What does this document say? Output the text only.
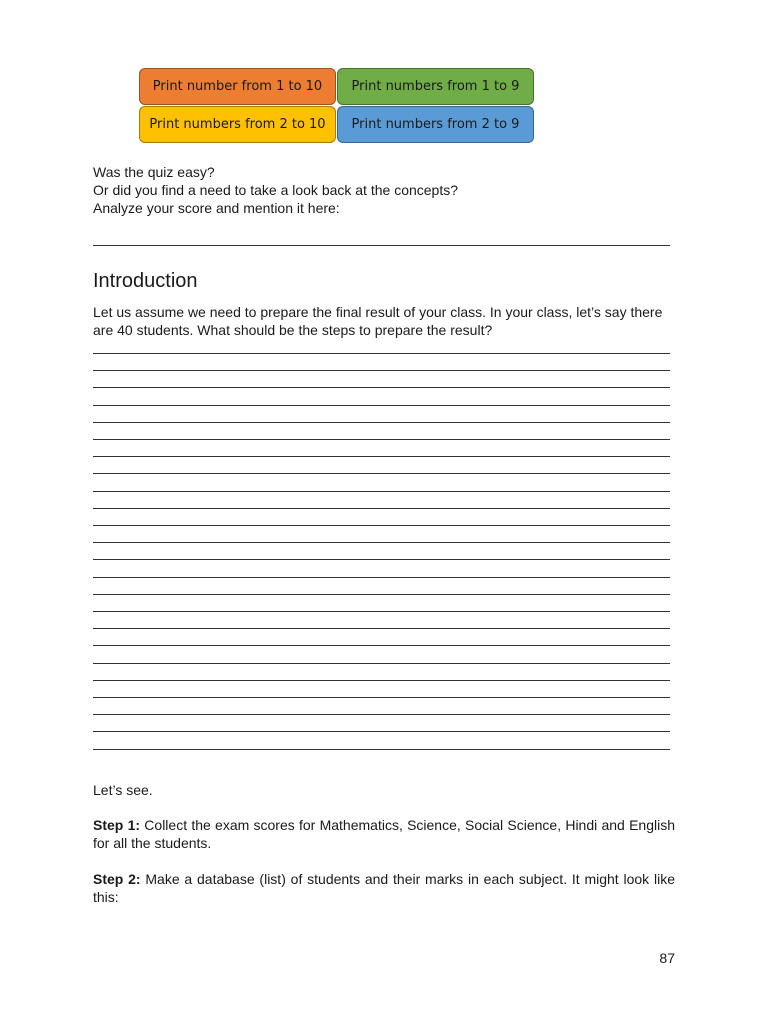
Print number from 1 to 10	Print numbers from 1 to 9
Print numbers from 2 to 10	Print numbers from 2 to 9
Was the quiz easy?
Or did you find a need to take a look back at the concepts?
Analyze your score and mention it here:
Introduction
Let us assume we need to prepare the final result of your class. In your class, let’s say there
are 40 students. What should be the steps to prepare the result?
Let’s see.
Step 1: Collect the exam scores for Mathematics, Science, Social Science, Hindi and English for all the students.
Step 2: Make a database (list) of students and their marks in each subject. It might look like this:
87
